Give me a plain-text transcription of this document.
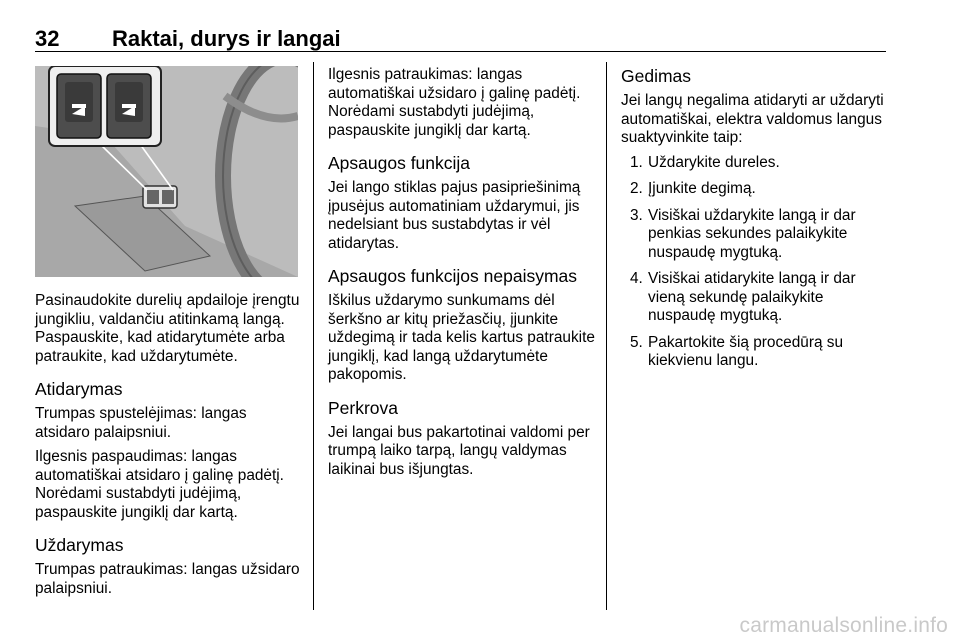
32 Raktai, durys ir langai

Pasinaudokite durelių apdailoje įrengtu jungikliu, valdančiu atitinkamą langą. Paspauskite, kad atidarytumėte arba patraukite, kad uždarytumėte.

Atidarymas

Trumpas spustelėjimas: langas atsidaro palaipsniui.

Ilgesnis paspaudimas: langas automatiškai atsidaro į galinę padėtį. Norėdami sustabdyti judėjimą, paspauskite jungiklį dar kartą.

Uždarymas

Trumpas patraukimas: langas užsidaro palaipsniui.

Ilgesnis patraukimas: langas automatiškai užsidaro į galinę padėtį. Norėdami sustabdyti judėjimą, paspauskite jungiklį dar kartą.

Apsaugos funkcija

Jei lango stiklas pajus pasipriešinimą įpusėjus automatiniam uždarymui, jis nedelsiant bus sustabdytas ir vėl atidarytas.

Apsaugos funkcijos nepaisymas

Iškilus uždarymo sunkumams dėl šerkšno ar kitų priežasčių, įjunkite uždegimą ir tada kelis kartus patraukite jungiklį, kad langą uždarytumėte pakopomis.

Perkrova

Jei langai bus pakartotinai valdomi per trumpą laiko tarpą, langų valdymas laikinai bus išjungtas.

Gedimas

Jei langų negalima atidaryti ar uždaryti automatiškai, elektra valdomus langus suaktyvinkite taip:

1. Uždarykite dureles.
2. Įjunkite degimą.
3. Visiškai uždarykite langą ir dar penkias sekundes palaikykite nuspaudę mygtuką.
4. Visiškai atidarykite langą ir dar vieną sekundę palaikykite nuspaudę mygtuką.
5. Pakartokite šią procedūrą su kiekvienu langu.
carmanualsonline.info
